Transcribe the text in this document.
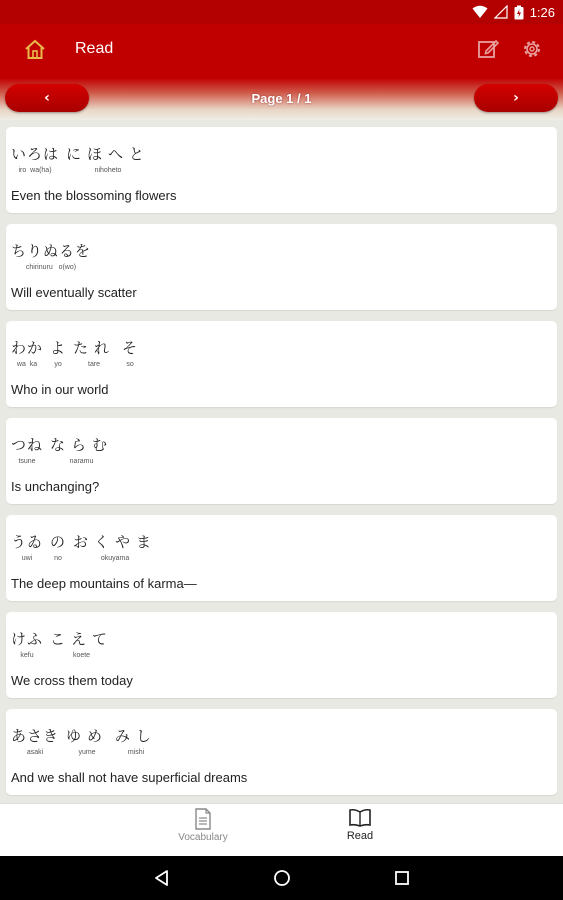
1:26
Read
‹	Page 1 / 1	›
いろは
iro  wa(ha)
にほへと
nihoheto
Even the blossoming flowers
ちりぬるを
chirinuru   o(wo)
Will eventually scatter
わか
wa  ka
よ
yo
たれ
tare
そ
so
Who in our world
つね
tsune
ならむ
naramu
Is unchanging?
うゐ
uwi
の
no
おくやま
okuyama
The deep mountains of karma—
けふ
kefu
こえて
koete
We cross them today
あさき
asaki
ゆめ
yume
みし
mishi
And we shall not have superficial dreams
Vocabulary	Read
